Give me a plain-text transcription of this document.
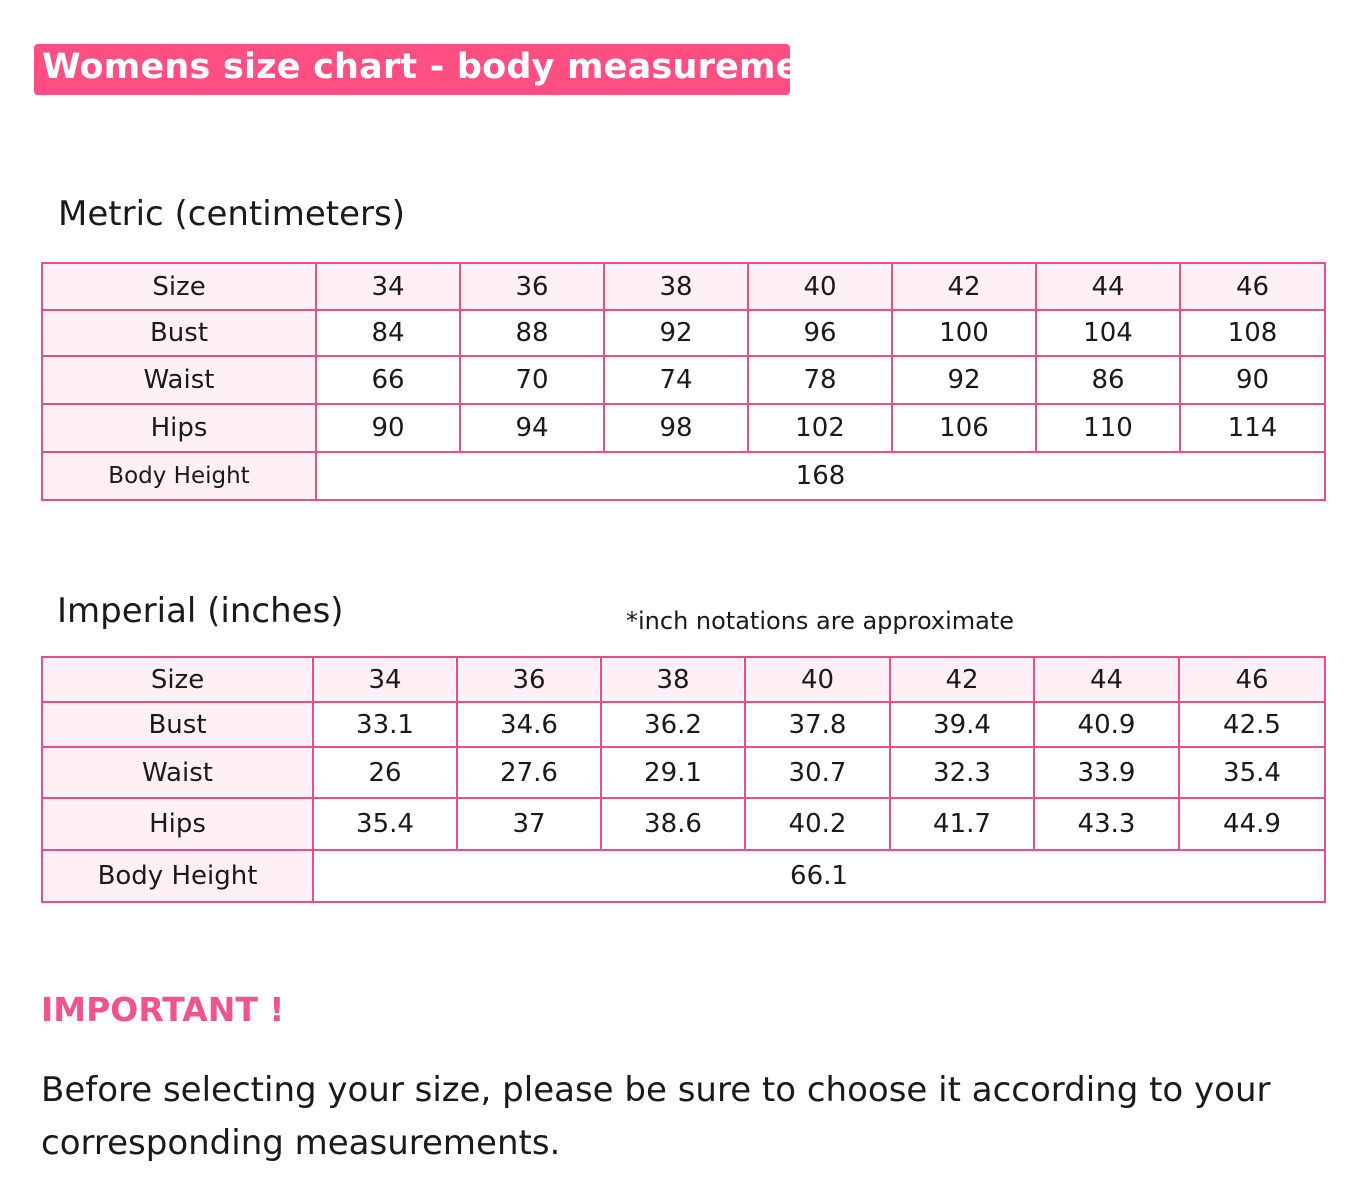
Womens size chart - body measurements
Metric (centimeters)
Size	34	36	38	40	42	44	46
Bust	84	88	92	96	100	104	108
Waist	66	70	74	78	92	86	90
Hips	90	94	98	102	106	110	114
Body Height	168						
Imperial (inches)	*inch notations are approximate
Size	34	36	38	40	42	44	46
Bust	33.1	34.6	36.2	37.8	39.4	40.9	42.5
Waist	26	27.6	29.1	30.7	32.3	33.9	35.4
Hips	35.4	37	38.6	40.2	41.7	43.3	44.9
Body Height	66.1						
IMPORTANT !
Before selecting your size, please be sure to choose it according to your corresponding measurements.
